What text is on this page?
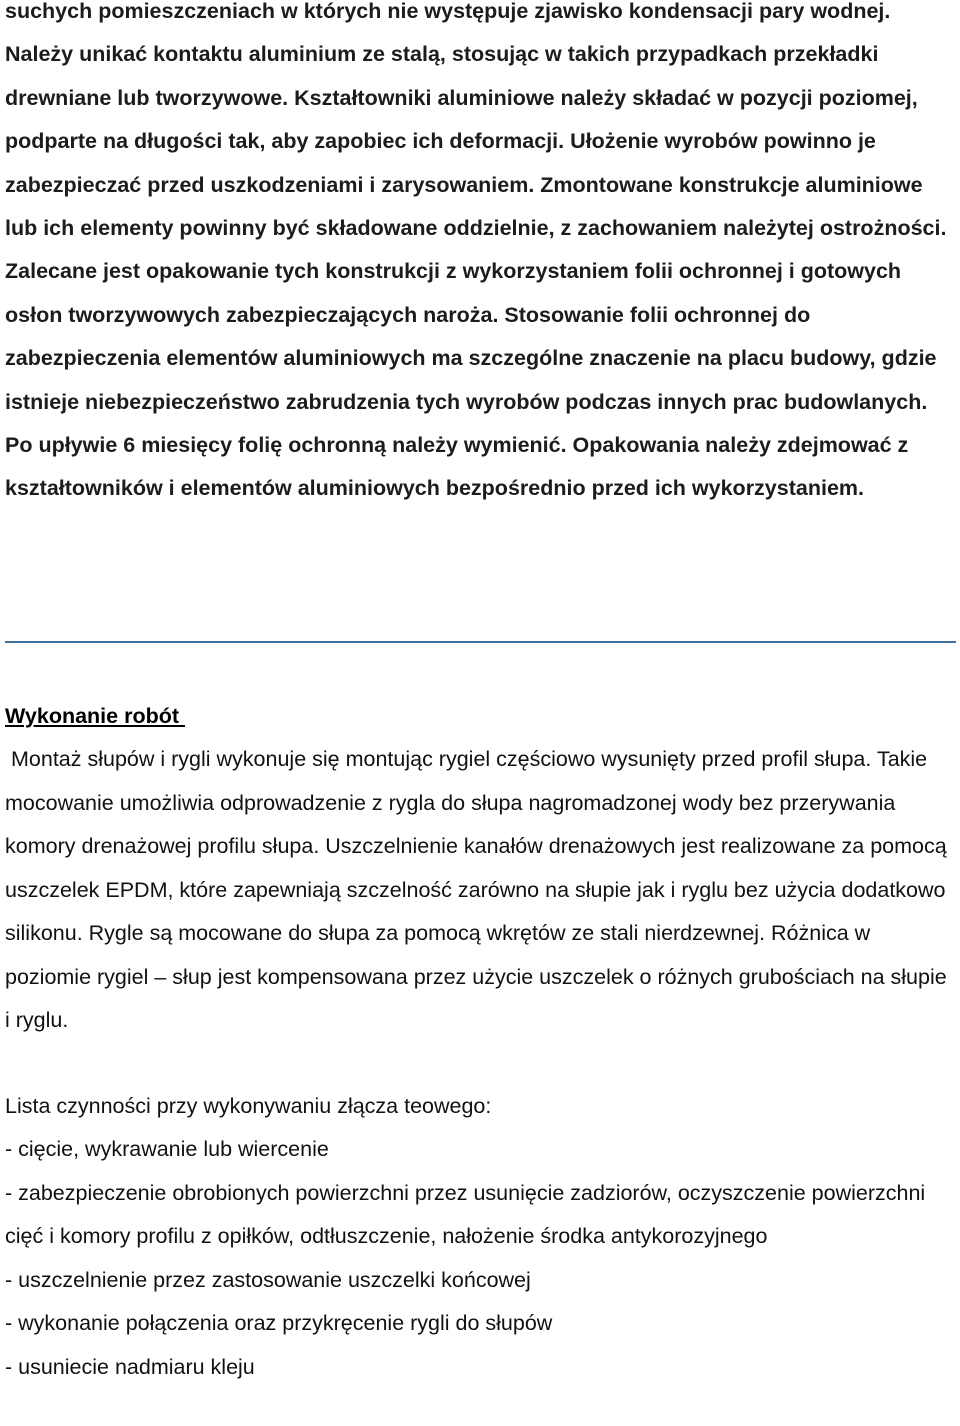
suchych pomieszczeniach w których nie występuje zjawisko kondensacji pary wodnej. Należy unikać kontaktu aluminium ze stalą, stosując w takich przypadkach przekładki drewniane lub tworzywowe. Kształtowniki aluminiowe należy składać w pozycji poziomej, podparte na długości tak, aby zapobiec ich deformacji. Ułożenie wyrobów powinno je zabezpieczać przed uszkodzeniami i zarysowaniem. Zmontowane konstrukcje aluminiowe lub ich elementy powinny być składowane oddzielnie, z zachowaniem należytej ostrożności. Zalecane jest opakowanie tych konstrukcji z wykorzystaniem folii ochronnej i gotowych osłon tworzywowych zabezpieczających naroża. Stosowanie folii ochronnej do zabezpieczenia elementów aluminiowych ma szczególne znaczenie na placu budowy, gdzie istnieje niebezpieczeństwo zabrudzenia tych wyrobów podczas innych prac budowlanych. Po upływie 6 miesięcy folię ochronną należy wymienić. Opakowania należy zdejmować z kształtowników i elementów aluminiowych bezpośrednio przed ich wykorzystaniem.

Wykonanie robót

Montaż słupów i rygli wykonuje się montując rygiel częściowo wysunięty przed profil słupa. Takie mocowanie umożliwia odprowadzenie z rygla do słupa nagromadzonej wody bez przerywania komory drenażowej profilu słupa. Uszczelnienie kanałów drenażowych jest realizowane za pomocą uszczelek EPDM, które zapewniają szczelność zarówno na słupie jak i ryglu bez użycia dodatkowo silikonu. Rygle są mocowane do słupa za pomocą wkrętów ze stali nierdzewnej. Różnica w poziomie rygiel – słup jest kompensowana przez użycie uszczelek o różnych grubościach na słupie i ryglu.

Lista czynności przy wykonywaniu złącza teowego:

- cięcie, wykrawanie lub wiercenie
- zabezpieczenie obrobionych powierzchni przez usunięcie zadziorów, oczyszczenie powierzchni cięć i komory profilu z opiłków, odtłuszczenie, nałożenie środka antykorozyjnego
- uszczelnienie przez zastosowanie uszczelki końcowej
- wykonanie połączenia oraz przykręcenie rygli do słupów
- usuniecie nadmiaru kleju
